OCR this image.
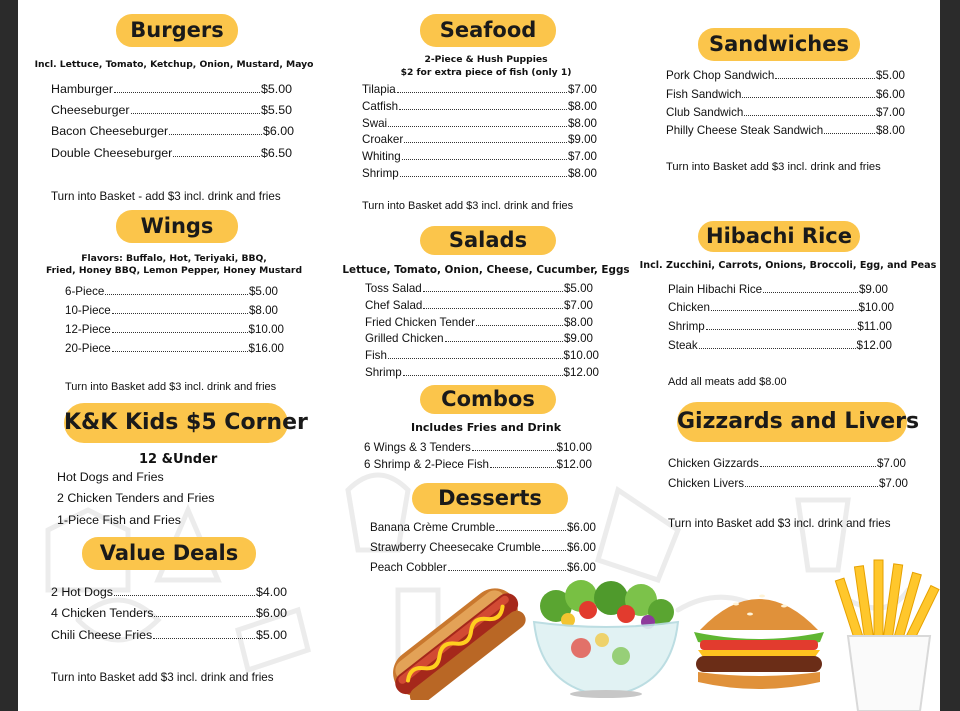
Burgers
Incl. Lettuce, Tomato, Ketchup, Onion, Mustard, Mayo
Hamburger	$5.00
Cheeseburger	$5.50
Bacon Cheeseburger	$6.00
Double Cheeseburger	$6.50
Turn into Basket - add $3 incl. drink and fries
Wings
Flavors: Buffalo, Hot, Teriyaki, BBQ,
Fried, Honey BBQ, Lemon Pepper, Honey Mustard
6-Piece	$5.00
10-Piece	$8.00
12-Piece	$10.00
20-Piece	$16.00
Turn into Basket add $3 incl. drink and fries
K&K Kids $5 Corner
12 &Under
Hot Dogs and Fries
2 Chicken Tenders and Fries
1-Piece Fish and Fries
Value Deals
2 Hot Dogs	$4.00
4 Chicken Tenders	$6.00
Chili Cheese Fries	$5.00
Turn into Basket add $3 incl. drink and fries
Seafood
2-Piece & Hush Puppies
$2 for extra piece of fish (only 1)
Tilapia	$7.00
Catfish	$8.00
Swai	$8.00
Croaker	$9.00
Whiting	$7.00
Shrimp	$8.00
Turn into Basket add $3 incl. drink and fries
Salads
Lettuce, Tomato, Onion, Cheese, Cucumber, Eggs
Toss Salad	$5.00
Chef Salad	$7.00
Fried Chicken Tender	$8.00
Grilled Chicken	$9.00
Fish	$10.00
Shrimp	$12.00
Combos
Includes Fries and Drink
6 Wings & 3 Tenders	$10.00
6 Shrimp & 2-Piece Fish	$12.00
Desserts
Banana Crème Crumble	$6.00
Strawberry Cheesecake Crumble $6.00
Peach Cobbler	$6.00
Sandwiches
Pork Chop Sandwich	$5.00
Fish Sandwich	$6.00
Club Sandwich	$7.00
Philly Cheese Steak Sandwich	$8.00
Turn into Basket add $3 incl. drink and fries
Hibachi Rice
Incl. Zucchini, Carrots, Onions, Broccoli, Egg, and Peas
Plain Hibachi Rice	$9.00
Chicken	$10.00
Shrimp	$11.00
Steak	$12.00
Add all meats add $8.00
Gizzards and Livers
Chicken Gizzards	$7.00
Chicken Livers	$7.00
Turn into Basket add $3 incl. drink and fries
